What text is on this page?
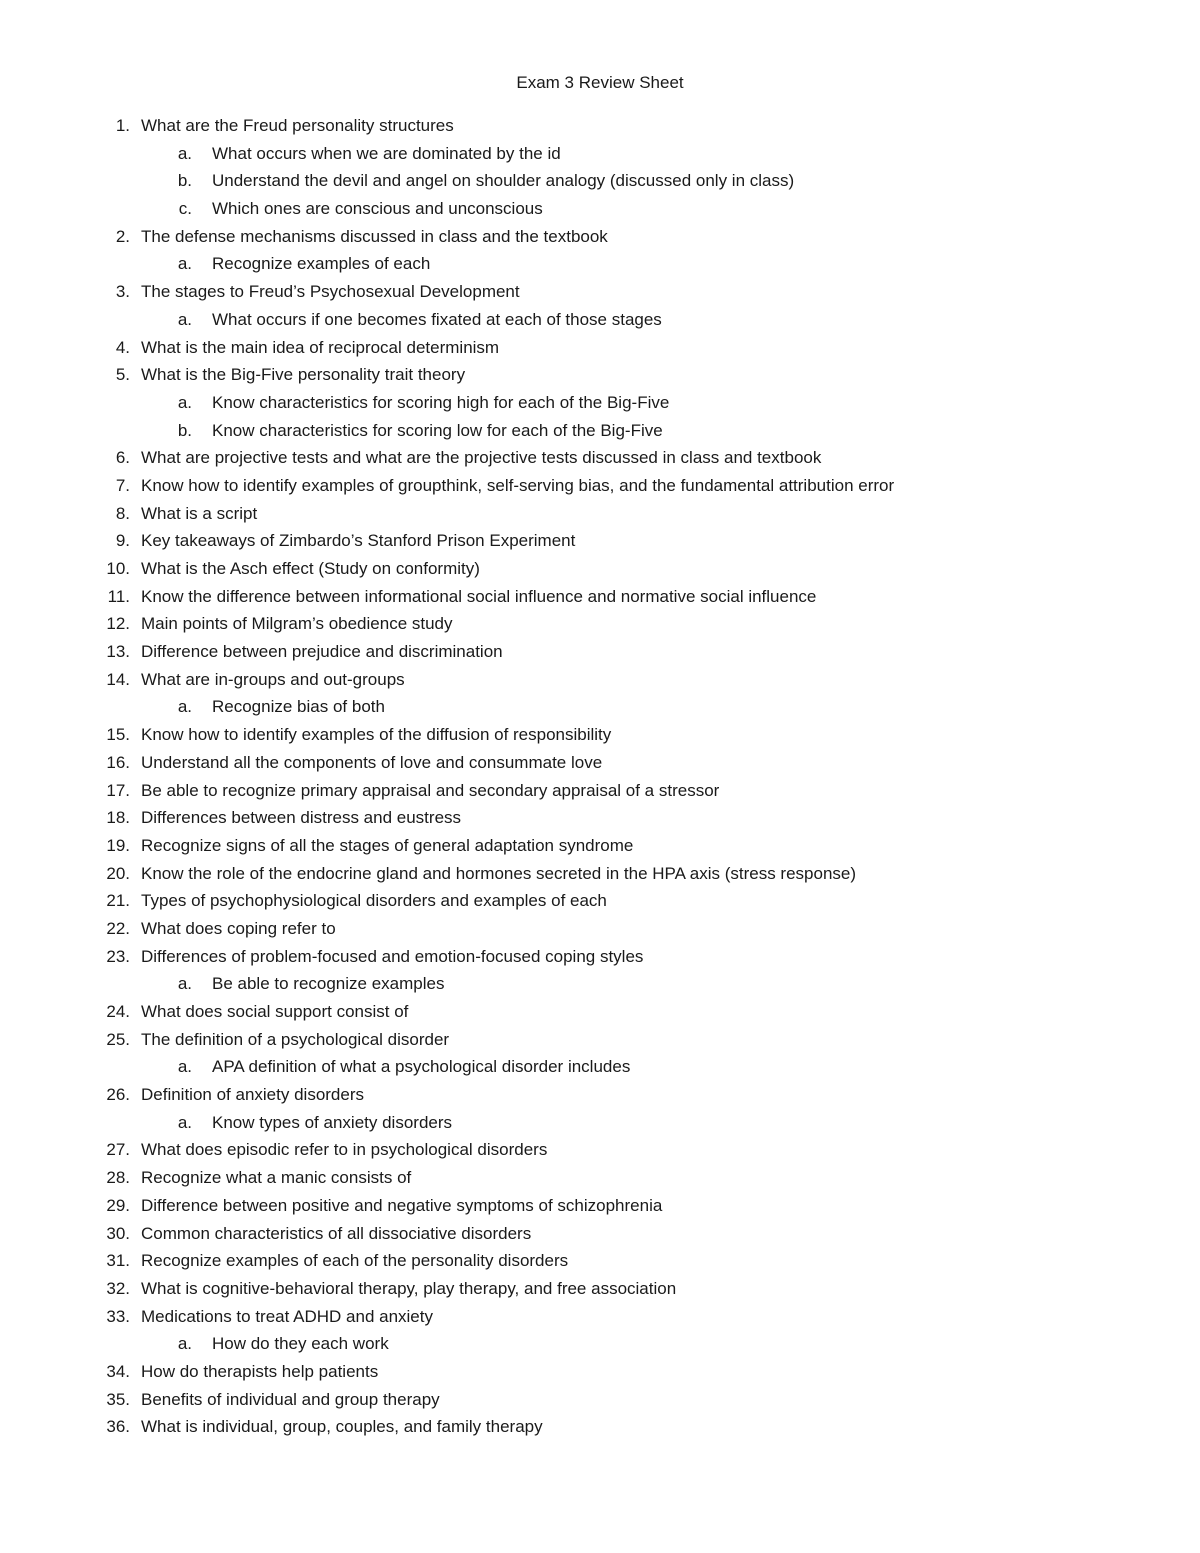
Exam 3 Review Sheet
1. What are the Freud personality structures
a. What occurs when we are dominated by the id
b. Understand the devil and angel on shoulder analogy (discussed only in class)
c. Which ones are conscious and unconscious
2. The defense mechanisms discussed in class and the textbook
a. Recognize examples of each
3. The stages to Freud’s Psychosexual Development
a. What occurs if one becomes fixated at each of those stages
4. What is the main idea of reciprocal determinism
5. What is the Big-Five personality trait theory
a. Know characteristics for scoring high for each of the Big-Five
b. Know characteristics for scoring low for each of the Big-Five
6. What are projective tests and what are the projective tests discussed in class and textbook
7. Know how to identify examples of groupthink, self-serving bias, and the fundamental attribution error
8. What is a script
9. Key takeaways of Zimbardo’s Stanford Prison Experiment
10. What is the Asch effect (Study on conformity)
11. Know the difference between informational social influence and normative social influence
12. Main points of Milgram’s obedience study
13. Difference between prejudice and discrimination
14. What are in-groups and out-groups
a. Recognize bias of both
15. Know how to identify examples of the diffusion of responsibility
16. Understand all the components of love and consummate love
17. Be able to recognize primary appraisal and secondary appraisal of a stressor
18. Differences between distress and eustress
19. Recognize signs of all the stages of general adaptation syndrome
20. Know the role of the endocrine gland and hormones secreted in the HPA axis (stress response)
21. Types of psychophysiological disorders and examples of each
22. What does coping refer to
23. Differences of problem-focused and emotion-focused coping styles
a. Be able to recognize examples
24. What does social support consist of
25. The definition of a psychological disorder
a. APA definition of what a psychological disorder includes
26. Definition of anxiety disorders
a. Know types of anxiety disorders
27. What does episodic refer to in psychological disorders
28. Recognize what a manic consists of
29. Difference between positive and negative symptoms of schizophrenia
30. Common characteristics of all dissociative disorders
31. Recognize examples of each of the personality disorders
32. What is cognitive-behavioral therapy, play therapy, and free association
33. Medications to treat ADHD and anxiety
a. How do they each work
34. How do therapists help patients
35. Benefits of individual and group therapy
36. What is individual, group, couples, and family therapy
